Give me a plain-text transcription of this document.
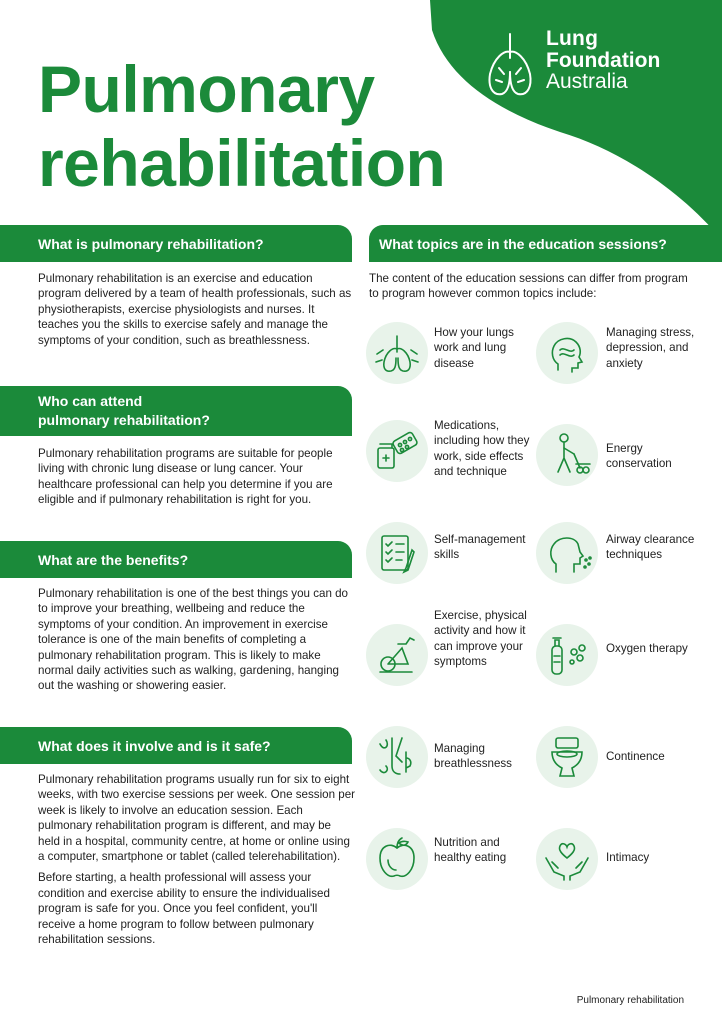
Lung
Foundation
Australia
Pulmonary
rehabilitation
What is pulmonary rehabilitation?

Pulmonary rehabilitation is an exercise and education program delivered by a team of health professionals, such as physiotherapists, exercise physiologists and nurses. It teaches you the skills to exercise safely and manage the symptoms of your condition, such as breathlessness.

Who can attend
pulmonary rehabilitation?

Pulmonary rehabilitation programs are suitable for people living with chronic lung disease or lung cancer. Your healthcare professional can help you determine if you are eligible and if pulmonary rehabilitation is right for you.

What are the benefits?

Pulmonary rehabilitation is one of the best things you can do to improve your breathing, wellbeing and reduce the symptoms of your condition. An improvement in exercise tolerance is one of the main benefits of completing a pulmonary rehabilitation program. This is likely to make normal daily activities such as walking, gardening, hanging out the washing or showering easier.

What does it involve and is it safe?

Pulmonary rehabilitation programs usually run for six to eight weeks, with two exercise sessions per week. One session per week is likely to involve an education session. Each pulmonary rehabilitation program is different, and may be held in a hospital, community centre, at home or online using a computer, smartphone or tablet (called telerehabilitation).

Before starting, a health professional will assess your condition and exercise ability to ensure the individualised program is safe for you. Once you feel confident, you'll receive a home program to follow between pulmonary rehabilitation sessions.

What topics are in the education sessions?
The content of the education sessions can differ from program to program however common topics include:
How your lungs work and lung disease
Managing stress, depression, and anxiety
Medications, including how they work, side effects and technique
Energy conservation
Self-management skills
Airway clearance techniques
Exercise, physical activity and how it can improve your symptoms
Oxygen therapy
Managing breathlessness
Continence
Nutrition and healthy eating	Intimacy
Pulmonary rehabilitation
